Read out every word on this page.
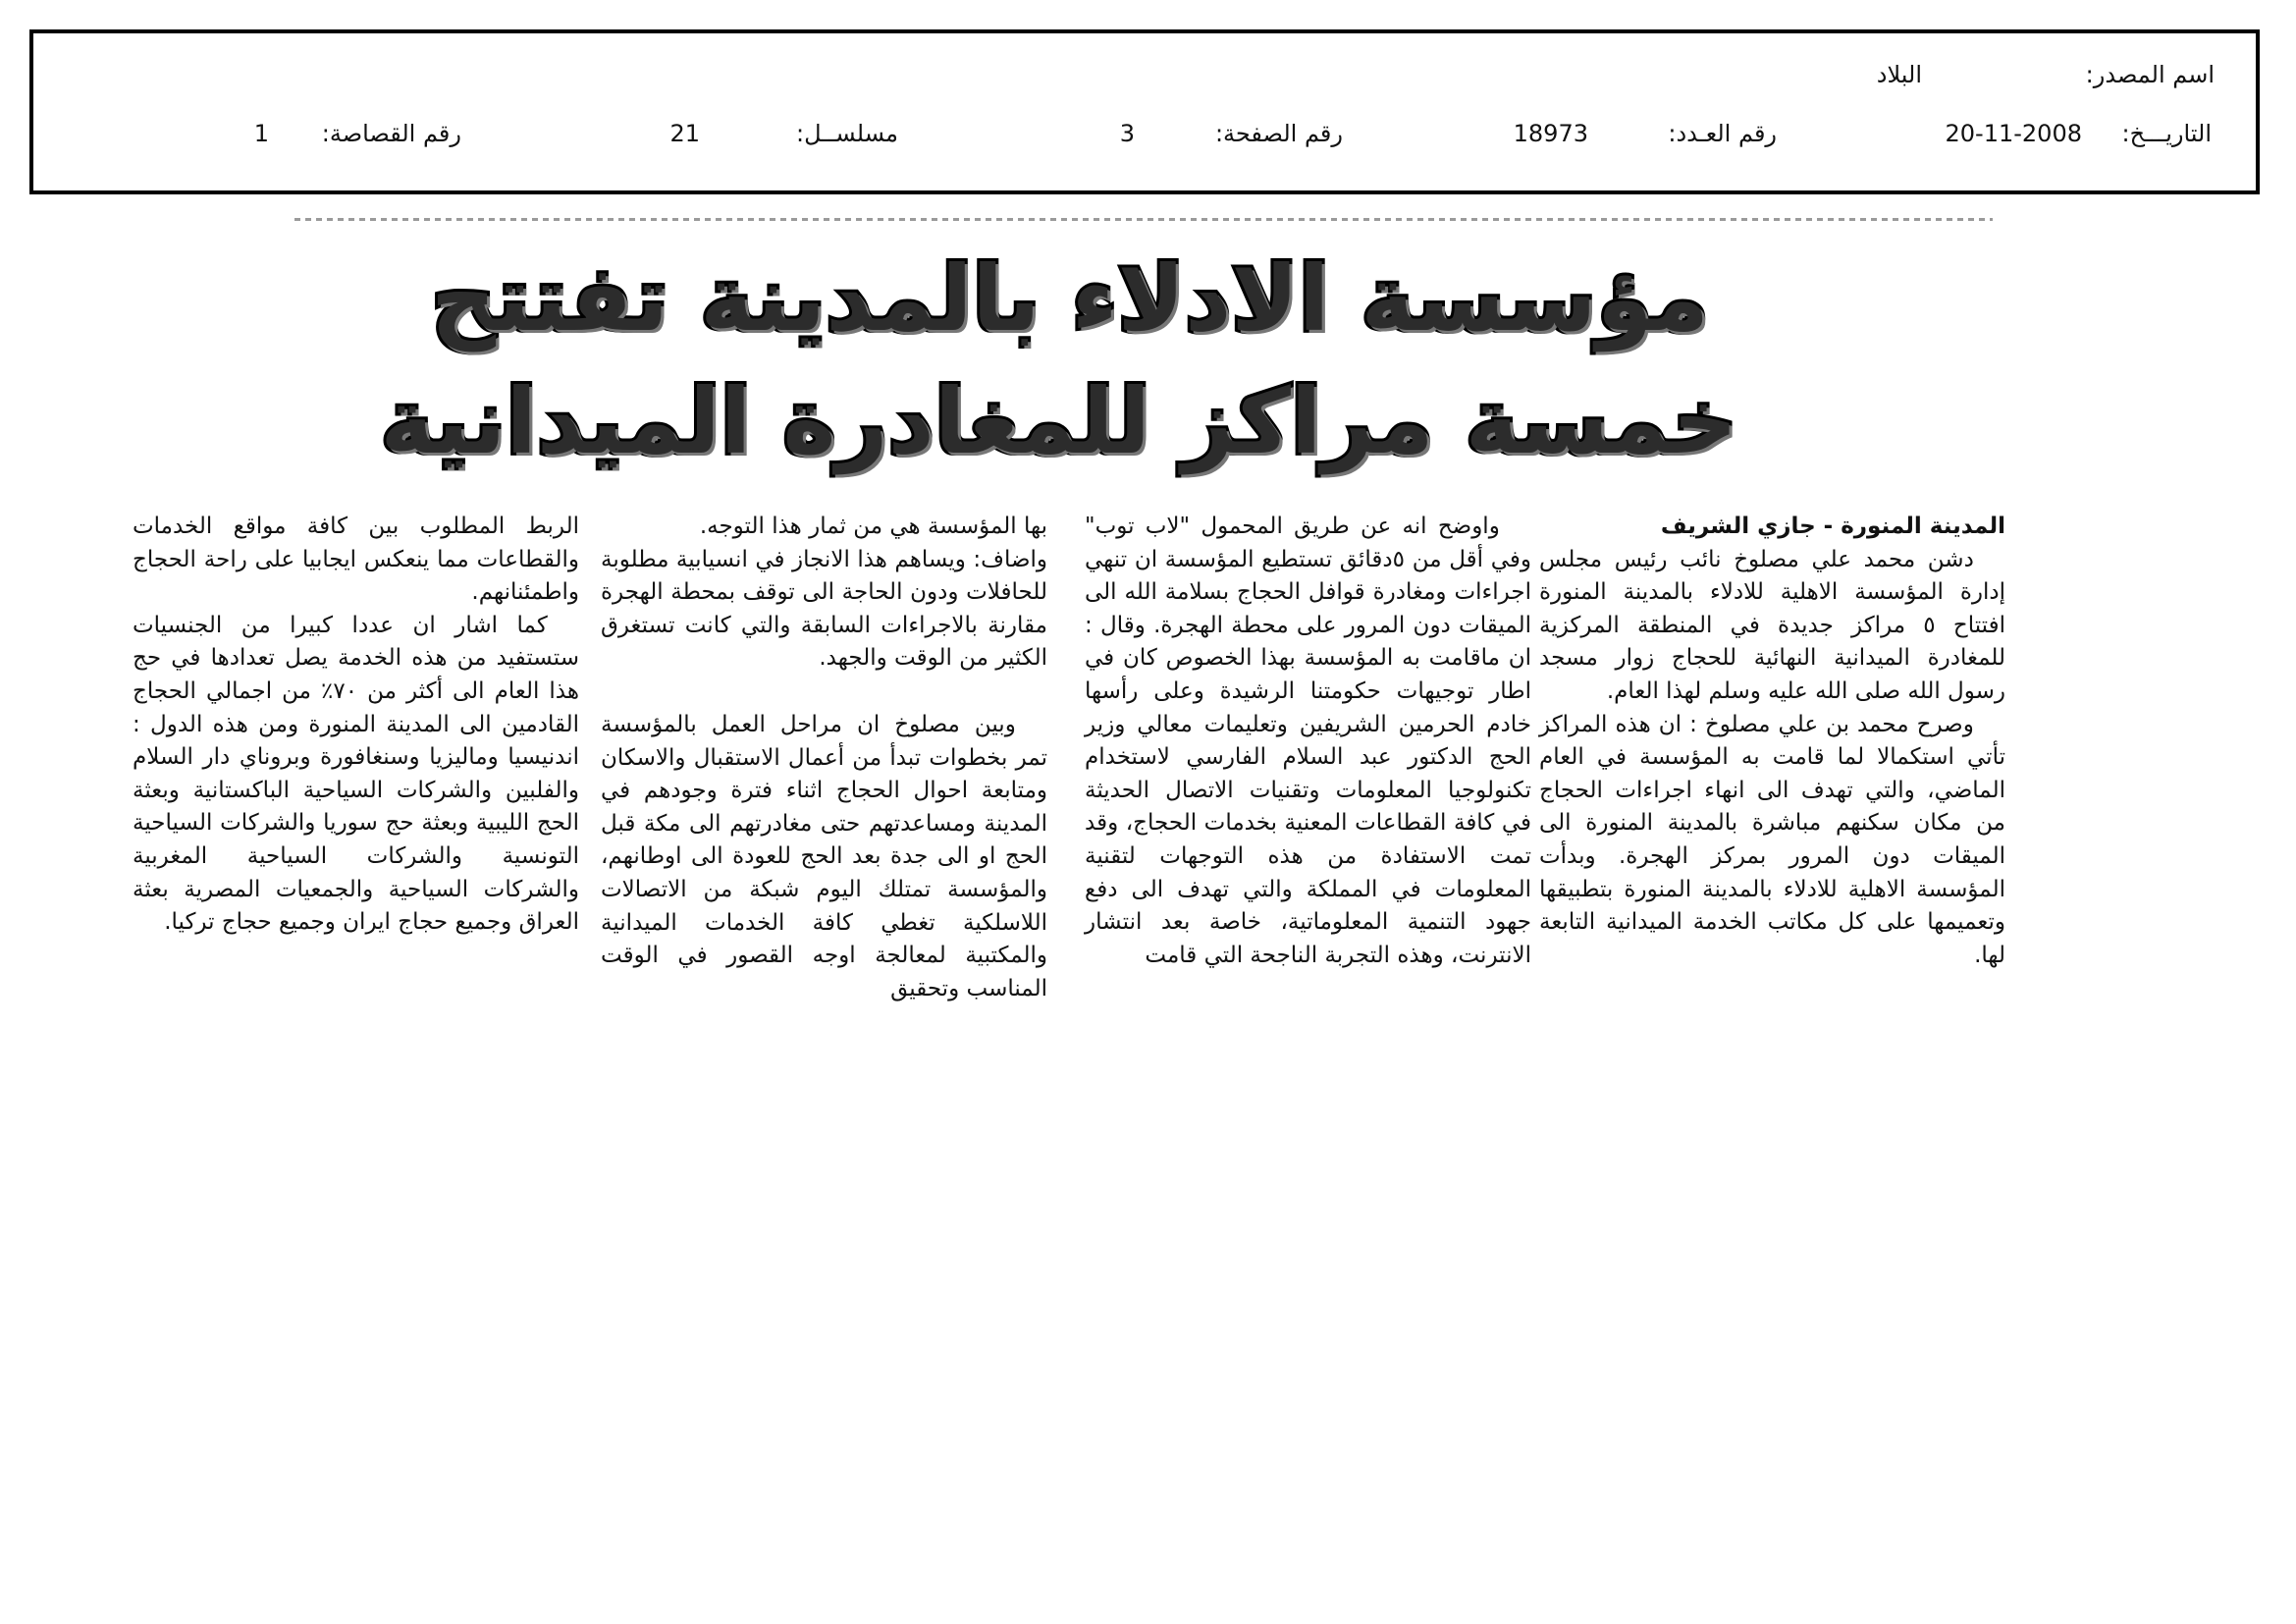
اسم المصدر:
البلاد
التاريـــخ:
20-11-2008
رقم العـدد:
18973
رقم الصفحة:
3
مسلســل:
21
رقم القصاصة:
1
مؤسسة الادلاء بالمدينة تفتتح
خمسة مراكز للمغادرة الميدانية

المدينة المنورة - جازي الشريف

دشن محمد علي مصلوخ نائب رئيس مجلس إدارة المؤسسة الاهلية للادلاء بالمدينة المنورة افتتاح ٥ مراكز جديدة في المنطقة المركزية للمغادرة الميدانية النهائية للحجاج زوار مسجد رسول الله صلى الله عليه وسلم لهذا العام.

وصرح محمد بن علي مصلوخ : ان هذه المراكز تأتي استكمالا لما قامت به المؤسسة في العام الماضي، والتي تهدف الى انهاء اجراءات الحجاج من مكان سكنهم مباشرة بالمدينة المنورة الى الميقات دون المرور بمركز الهجرة. وبدأت المؤسسة الاهلية للادلاء بالمدينة المنورة بتطبيقها وتعميمها على كل مكاتب الخدمة الميدانية التابعة لها.

واوضح انه عن طريق المحمول "لاب توب" وفي أقل من ٥دقائق تستطيع المؤسسة ان تنهي اجراءات ومغادرة قوافل الحجاج بسلامة الله الى الميقات دون المرور على محطة الهجرة. وقال : ان ماقامت به المؤسسة بهذا الخصوص كان في اطار توجيهات حكومتنا الرشيدة وعلى رأسها خادم الحرمين الشريفين وتعليمات معالي وزير الحج الدكتور عبد السلام الفارسي لاستخدام تكنولوجيا المعلومات وتقنيات الاتصال الحديثة في كافة القطاعات المعنية بخدمات الحجاج، وقد تمت الاستفادة من هذه التوجهات لتقنية المعلومات في المملكة والتي تهدف الى دفع جهود التنمية المعلوماتية، خاصة بعد انتشار الانترنت، وهذه التجربة الناجحة التي قامت

بها المؤسسة هي من ثمار هذا التوجه.

واضاف: ويساهم هذا الانجاز في انسيابية مطلوبة للحافلات ودون الحاجة الى توقف بمحطة الهجرة مقارنة بالاجراءات السابقة والتي كانت تستغرق الكثير من الوقت والجهد.

وبين مصلوخ ان مراحل العمل بالمؤسسة تمر بخطوات تبدأ من أعمال الاستقبال والاسكان ومتابعة احوال الحجاج اثناء فترة وجودهم في المدينة ومساعدتهم حتى مغادرتهم الى مكة قبل الحج او الى جدة بعد الحج للعودة الى اوطانهم، والمؤسسة تمتلك اليوم شبكة من الاتصالات اللاسلكية تغطي كافة الخدمات الميدانية والمكتبية لمعالجة اوجه القصور في الوقت المناسب وتحقيق

الربط المطلوب بين كافة مواقع الخدمات والقطاعات مما ينعكس ايجابيا على راحة الحجاج واطمئنانهم.

كما اشار ان عددا كبيرا من الجنسيات ستستفيد من هذه الخدمة يصل تعدادها في حج هذا العام الى أكثر من ٧٠٪ من اجمالي الحجاج القادمين الى المدينة المنورة ومن هذه الدول : اندنيسيا وماليزيا وسنغافورة وبروناي دار السلام والفلبين والشركات السياحية الباكستانية وبعثة الحج الليبية وبعثة حج سوريا والشركات السياحية التونسية والشركات السياحية المغربية والشركات السياحية والجمعيات المصرية بعثة العراق وجميع حجاج ايران وجميع حجاج تركيا.
